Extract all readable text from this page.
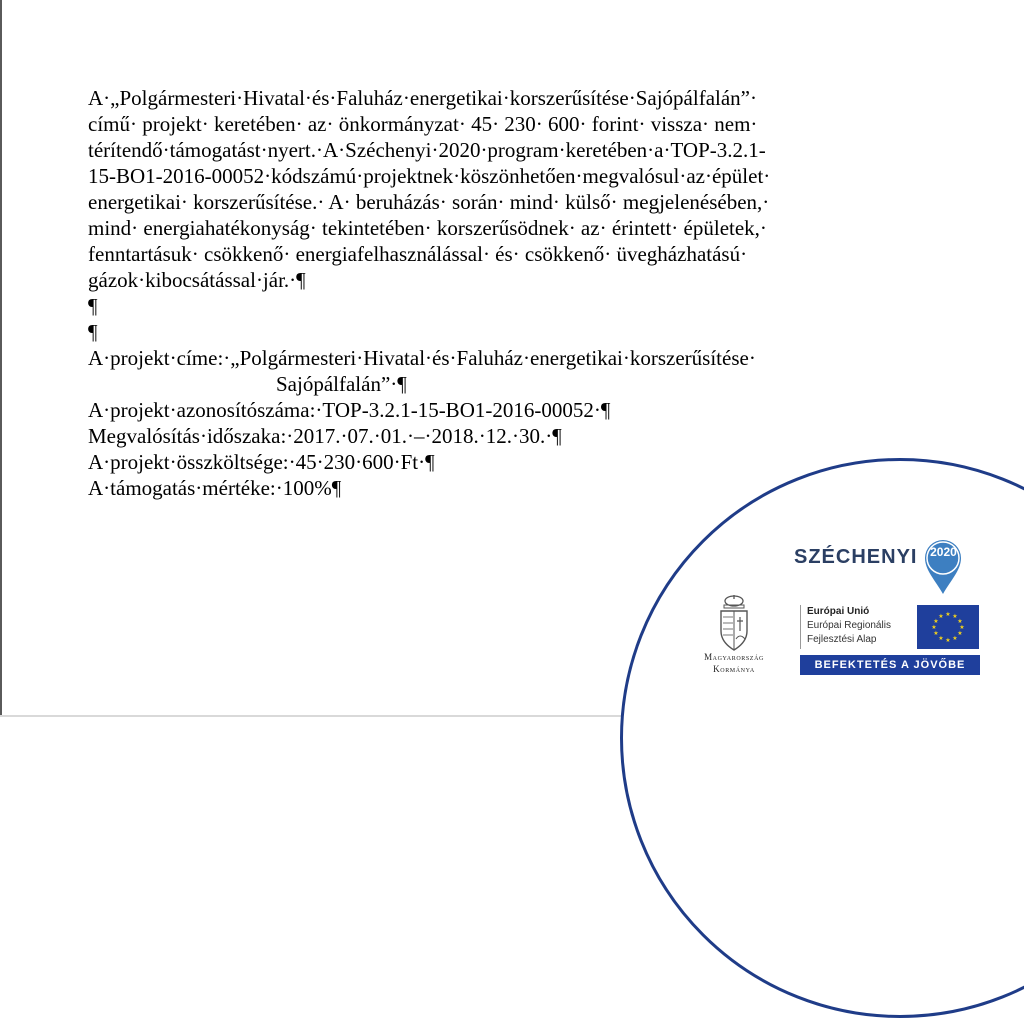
A·„Polgármesteri·Hivatal·és·Faluház·energetikai·korszerűsítése·Sajópálfalán”·
című· projekt· keretében· az· önkormányzat· 45· 230· 600· forint· vissza· nem·
térítendő·támogatást·nyert.·A·Széchenyi·2020·program·keretében·a·TOP-3.2.1-
15-BO1-2016-00052·kódszámú·projektnek·köszönhetően·megvalósul·az·épület·
energetikai· korszerűsítése.· A· beruházás· során· mind· külső· megjelenésében,·
mind· energiahatékonyság· tekintetében· korszerűsödnek· az· érintett· épületek,·
fenntartásuk· csökkenő· energiafelhasználással· és· csökkenő· üvegházhatású·
gázok·kibocsátással·jár.·¶

¶
¶
A·projekt·címe:·„Polgármesteri·Hivatal·és·Faluház·energetikai·korszerűsítése·
Sajópálfalán”·¶
A·projekt·azonosítószáma:·TOP-3.2.1-15-BO1-2016-00052·¶
Megvalósítás·időszaka:·2017.·07.·01.·–·2018.·12.·30.·¶
A·projekt·összköltsége:·45·230·600·Ft·¶
A·támogatás·mértéke:·100%¶
SZÉCHENYI	2020
Magyarország
Kormánya
Európai Unió
Európai Regionális
Fejlesztési Alap
★ ★
★
★
★
★
★
★
★
★
★
★
BEFEKTETÉS A JÖVŐBE
